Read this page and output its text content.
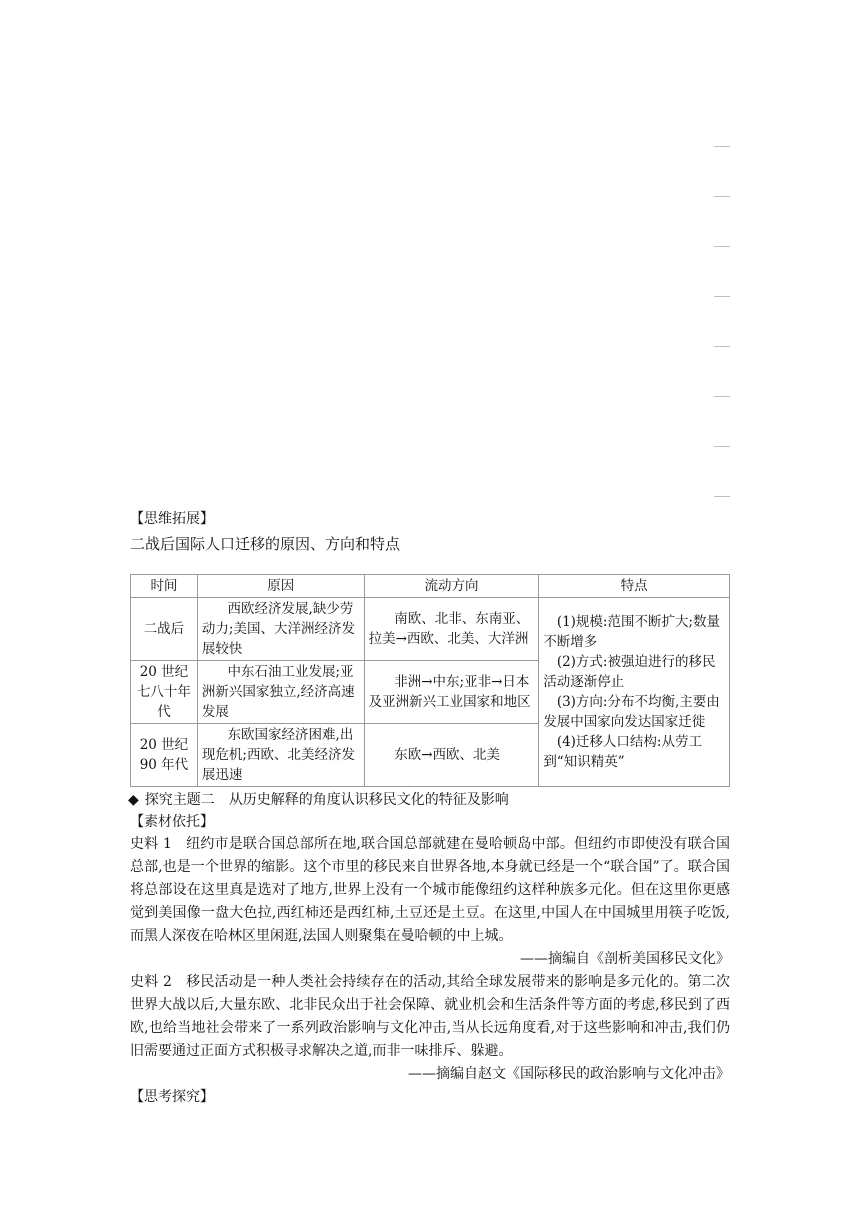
【思维拓展】

二战后国际人口迁移的原因、方向和特点

时间	原因	流动方向	特点
二战后	西欧经济发展,缺少劳动力;美国、大洋洲经济发展较快	南欧、北非、东南亚、拉美→西欧、北美、大洋洲	(1)规模:范围不断扩大;数量不断增多

(2)方式:被强迫进行的移民活动逐渐停止

(3)方向:分布不均衡,主要由发展中国家向发达国家迁徙

(4)迁移人口结构:从劳工到“知识精英”

20 世纪七八十年代	中东石油工业发展;亚洲新兴国家独立,经济高速发展	非洲→中东;亚非→日本及亚洲新兴工业国家和地区	

20 世纪 90 年代	东欧国家经济困难,出现危机;西欧、北美经济发展迅速	东欧→西欧、北美	

◆ 探究主题二　从历史解释的角度认识移民文化的特征及影响

【素材依托】

史料 1 纽约市是联合国总部所在地,联合国总部就建在曼哈顿岛中部。但纽约市即使没有联合国总部,也是一个世界的缩影。这个市里的移民来自世界各地,本身就已经是一个“联合国”了。联合国将总部设在这里真是选对了地方,世界上没有一个城市能像纽约这样种族多元化。但在这里你更感觉到美国像一盘大色拉,西红柿还是西红柿,土豆还是土豆。在这里,中国人在中国城里用筷子吃饭,而黑人深夜在哈林区里闲逛,法国人则聚集在曼哈顿的中上城。

——摘编自《剖析美国移民文化》

史料 2 移民活动是一种人类社会持续存在的活动,其给全球发展带来的影响是多元化的。第二次世界大战以后,大量东欧、北非民众出于社会保障、就业机会和生活条件等方面的考虑,移民到了西欧,也给当地社会带来了一系列政治影响与文化冲击,当从长远角度看,对于这些影响和冲击,我们仍旧需要通过正面方式积极寻求解决之道,而非一味排斥、躲避。

——摘编自赵文《国际移民的政治影响与文化冲击》

【思考探究】
